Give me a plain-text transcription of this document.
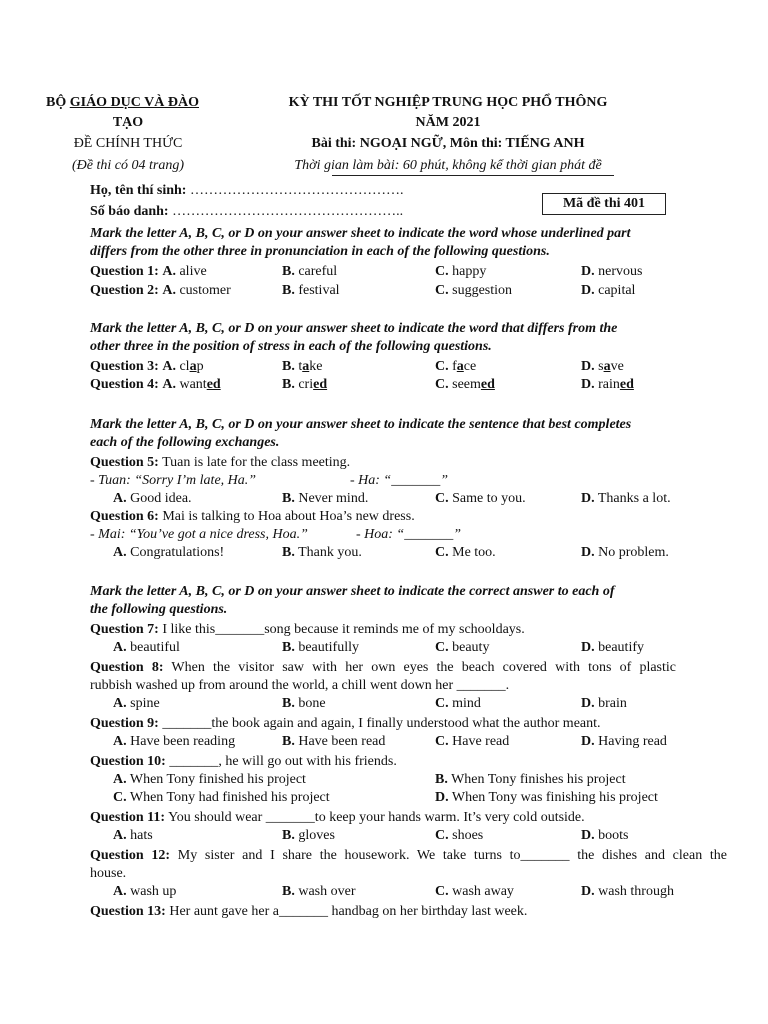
BỘ GIÁO DỤC VÀ ĐÀO
TẠO
ĐỀ CHÍNH THỨC
(Đề thi có 04 trang)
KỲ THI TỐT NGHIỆP TRUNG HỌC PHỔ THÔNG
NĂM 2021
Bài thi: NGOẠI NGỮ, Môn thi: TIẾNG ANH
Thời gian làm bài: 60 phút, không kể thời gian phát đề
Họ, tên thí sinh: ……………………………………….
Số báo danh: …………………………………………..
Mã đề thi 401
Mark the letter A, B, C, or D on your answer sheet to indicate the word whose underlined part
differs from the other three in pronunciation in each of the following questions.
Question 1: A. alive	B. careful	C. happy	D. nervous
Question 2: A. customer	B. festival	C. suggestion	D. capital
Mark the letter A, B, C, or D on your answer sheet to indicate the word that differs from the
other three in the position of stress in each of the following questions.
Question 3: A. clap	B. take	C. face	D. save
Question 4: A. wanted	B. cried	C. seemed	D. rained
Mark the letter A, B, C, or D on your answer sheet to indicate the sentence that best completes
each of the following exchanges.
Question 5: Tuan is late for the class meeting.
- Tuan: “Sorry I’m late, Ha.”	- Ha: “_______”
A. Good idea.	B. Never mind.	C. Same to you.	D. Thanks a lot.
Question 6: Mai is talking to Hoa about Hoa’s new dress.
- Mai: “You’ve got a nice dress, Hoa.”	- Hoa: “_______”
A. Congratulations!	B. Thank you.	C. Me too.	D. No problem.
Mark the letter A, B, C, or D on your answer sheet to indicate the correct answer to each of
the following questions.
Question 7: I like this_______song because it reminds me of my schooldays.
A. beautiful	B. beautifully	C. beauty	D. beautify
Question 8: When the visitor saw with her own eyes the beach covered with tons of plastic
rubbish washed up from around the world, a chill went down her _______.
A. spine	B. bone	C. mind	D. brain
Question 9: _______the book again and again, I finally understood what the author meant.
A. Have been reading	B. Have been read	C. Have read	D. Having read
Question 10: _______, he will go out with his friends.
A. When Tony finished his project	B. When Tony finishes his project
C. When Tony had finished his project	D. When Tony was finishing his project
Question 11: You should wear _______to keep your hands warm. It’s very cold outside.
A. hats	B. gloves	C. shoes	D. boots
Question 12: My sister and I share the housework. We take turns to_______ the dishes and clean the
house.
A. wash up	B. wash over	C. wash away	D. wash through
Question 13: Her aunt gave her a_______ handbag on her birthday last week.
